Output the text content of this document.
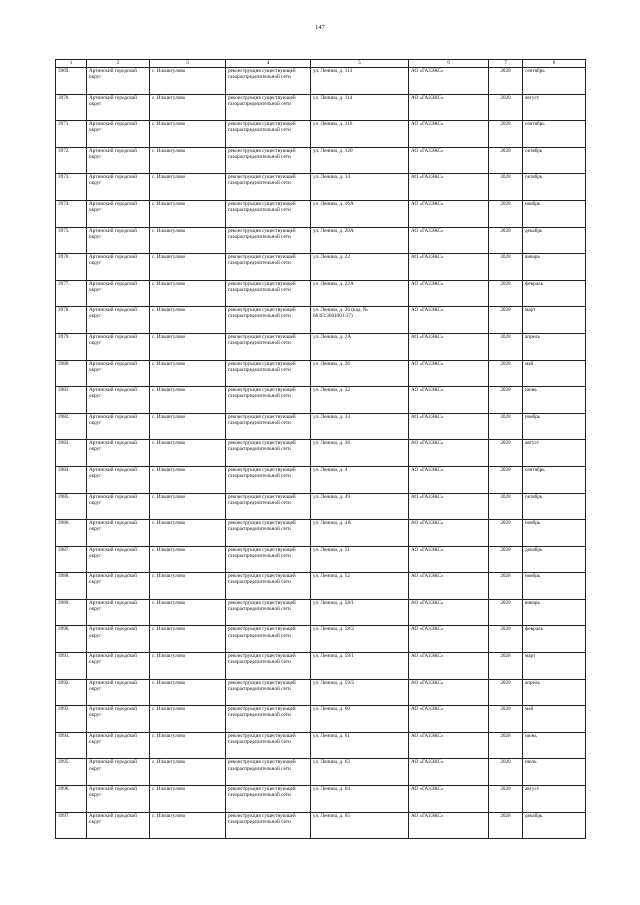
147
1	2	3	4	5	6	7	8
3969.	Артинский городской округ	с. Ильчигулово	реконструкция существующей газораспределительной сети	ул. Ленина, д. 113	АО «ГАЗЭКС»	2028	сентябрь
3970.	Артинский городской округ	с. Ильчигулово	реконструкция существующей газораспределительной сети	ул. Ленина, д. 114	АО «ГАЗЭКС»	2028	август
3971.	Артинский городской округ	с. Ильчигулово	реконструкция существующей газораспределительной сети	ул. Ленина, д. 116	АО «ГАЗЭКС»	2028	сентябрь
3972.	Артинский городской округ	с. Ильчигулово	реконструкция существующей газораспределительной сети	ул. Ленина, д. 120	АО «ГАЗЭКС»	2028	октябрь
3973.	Артинский городской округ	с. Ильчигулово	реконструкция существующей газораспределительной сети	ул. Ленина, д. 14	АО «ГАЗЭКС»	2028	октябрь
3974.	Артинский городской округ	с. Ильчигулово	реконструкция существующей газораспределительной сети	ул. Ленина, д. 16А	АО «ГАЗЭКС»	2028	ноябрь
3975.	Артинский городской округ	с. Ильчигулово	реконструкция существующей газораспределительной сети	ул. Ленина, д. 20А	АО «ГАЗЭКС»	2028	декабрь
3976.	Артинский городской округ	с. Ильчигулово	реконструкция существующей газораспределительной сети	ул. Ленина, д. 22	АО «ГАЗЭКС»	2028	январь
3977.	Артинский городской округ	с. Ильчигулово	реконструкция существующей газораспределительной сети	ул. Ленина, д. 22А	АО «ГАЗЭКС»	2028	февраль
3978.	Артинский городской округ	с. Ильчигулово	реконструкция существующей газораспределительной сети	ул. Ленина, д. 26 (кад. № 66:03:3601001:37)	АО «ГАЗЭКС»	2028	март
3979.	Артинский городской округ	с. Ильчигулово	реконструкция существующей газораспределительной сети	ул. Ленина, д. 2А	АО «ГАЗЭКС»	2028	апрель
3980.	Артинский городской округ	с. Ильчигулово	реконструкция существующей газораспределительной сети	ул. Ленина, д. 26	АО «ГАЗЭКС»	2028	май
3981.	Артинский городской округ	с. Ильчигулово	реконструкция существующей газораспределительной сети	ул. Ленина, д. 32	АО «ГАЗЭКС»	2028	июнь
3982.	Артинский городской округ	с. Ильчигулово	реконструкция существующей газораспределительной сети	ул. Ленина, д. 33	АО «ГАЗЭКС»	2028	ноябрь
3983.	Артинский городской округ	с. Ильчигулово	реконструкция существующей газораспределительной сети	ул. Ленина, д. 36	АО «ГАЗЭКС»	2028	август
3984.	Артинский городской округ	с. Ильчигулово	реконструкция существующей газораспределительной сети	ул. Ленина, д. 4	АО «ГАЗЭКС»	2028	сентябрь
3985.	Артинский городской округ	с. Ильчигулово	реконструкция существующей газораспределительной сети	ул. Ленина, д. 49	АО «ГАЗЭКС»	2028	октябрь
3986.	Артинский городской округ	с. Ильчигулово	реконструкция существующей газораспределительной сети	ул. Ленина, д. 4А	АО «ГАЗЭКС»	2028	ноябрь
3987.	Артинский городской округ	с. Ильчигулово	реконструкция существующей газораспределительной сети	ул. Ленина, д. 51	АО «ГАЗЭКС»	2028	декабрь
3988.	Артинский городской округ	с. Ильчигулово	реконструкция существующей газораспределительной сети	ул. Ленина, д. 52	АО «ГАЗЭКС»	2028	ноябрь
3989.	Артинский городской округ	с. Ильчигулово	реконструкция существующей газораспределительной сети	ул. Ленина, д. 58/1	АО «ГАЗЭКС»	2028	январь
3990.	Артинский городской округ	с. Ильчигулово	реконструкция существующей газораспределительной сети	ул. Ленина, д. 58/2	АО «ГАЗЭКС»	2028	февраль
3991.	Артинский городской округ	с. Ильчигулово	реконструкция существующей газораспределительной сети	ул. Ленина, д. 59/1	АО «ГАЗЭКС»	2028	март
3992.	Артинский городской округ	с. Ильчигулово	реконструкция существующей газораспределительной сети	ул. Ленина, д. 59/2	АО «ГАЗЭКС»	2028	апрель
3993.	Артинский городской округ	с. Ильчигулово	реконструкция существующей газораспределительной сети	ул. Ленина, д. 60	АО «ГАЗЭКС»	2028	май
3994.	Артинский городской округ	с. Ильчигулово	реконструкция существующей газораспределительной сети	ул. Ленина, д. 61	АО «ГАЗЭКС»	2028	июнь
3995.	Артинский городской округ	с. Ильчигулово	реконструкция существующей газораспределительной сети	ул. Ленина, д. 63	АО «ГАЗЭКС»	2028	июль
3996.	Артинский городской округ	с. Ильчигулово	реконструкция существующей газораспределительной сети	ул. Ленина, д. 64	АО «ГАЗЭКС»	2028	август
3997.	Артинский городской округ	с. Ильчигулово	реконструкция существующей газораспределительной сети	ул. Ленина, д. 65	АО «ГАЗЭКС»	2028	декабрь
